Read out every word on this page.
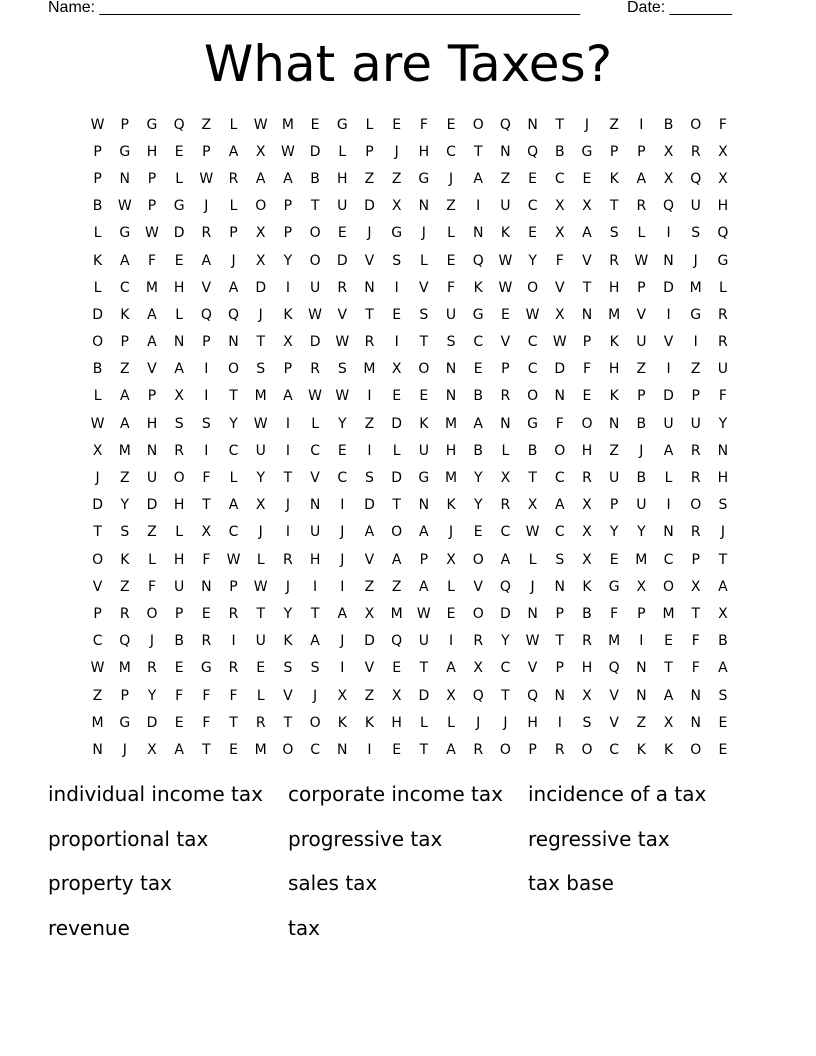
Name: ______________________________________________________	Date: _______
What are Taxes?
W	P	G	Q	Z	L	W	M	E	G	L	E	F	E	O	Q	N	T	J	Z	I	B	O	F
P	G	H	E	P	A	X	W	D	L	P	J	H	C	T	N	Q	B	G	P	P	X	R	X
P	N	P	L	W	R	A	A	B	H	Z	Z	G	J	A	Z	E	C	E	K	A	X	Q	X
B	W	P	G	J	L	O	P	T	U	D	X	N	Z	I	U	C	X	X	T	R	Q	U	H
L	G	W	D	R	P	X	P	O	E	J	G	J	L	N	K	E	X	A	S	L	I	S	Q
K	A	F	E	A	J	X	Y	O	D	V	S	L	E	Q	W	Y	F	V	R	W	N	J	G
L	C	M	H	V	A	D	I	U	R	N	I	V	F	K	W	O	V	T	H	P	D	M	L
D	K	A	L	Q	Q	J	K	W	V	T	E	S	U	G	E	W	X	N	M	V	I	G	R
O	P	A	N	P	N	T	X	D	W	R	I	T	S	C	V	C	W	P	K	U	V	I	R
B	Z	V	A	I	O	S	P	R	S	M	X	O	N	E	P	C	D	F	H	Z	I	Z	U
L	A	P	X	I	T	M	A	W W	I	E	E	N	B	R	O	N	E	K	P	D	P	F
W	A	H	S	S	Y	W	I	L	Y	Z	D	K	M	A	N	G	F	O	N	B	U	U	Y
X	M	N	R	I	C	U	I	C	E	I	L	U	H	B	L	B	O	H	Z	J	A	R	N
J	Z	U	O	F	L	Y	T	V	C	S	D	G	M	Y	X	T	C	R	U	B	L	R	H
D	Y	D	H	T	A	X	J	N	I	D	T	N	K	Y	R	X	A	X	P	U	I	O	S
T	S	Z	L	X	C	J	I	U	J	A	O	A	J	E	C	W	C	X	Y	Y	N	R	J
O	K	L	H	F	W	L	R	H	J	V	A	P	X	O	A	L	S	X	E	M	C	P	T
V	Z	F	U	N	P	W	J	I	I	Z	Z	A	L	V	Q	J	N	K	G	X	O	X	A
P	R	O	P	E	R	T	Y	T	A	X	M	W	E	O	D	N	P	B	F	P	M	T	X
C	Q	J	B	R	I	U	K	A	J	D	Q	U	I	R	Y	W	T	R	M	I	E	F	B
W	M	R	E	G	R	E	S	S	I	V	E	T	A	X	C	V	P	H	Q	N	T	F	A
Z	P	Y	F	F	F	L	V	J	X	Z	X	D	X	Q	T	Q	N	X	V	N	A	N	S
M	G	D	E	F	T	R	T	O	K	K	H	L	L	J	J	H	I	S	V	Z	X	N	E
N	J	X	A	T	E	M	O	C	N	I	E	T	A	R	O	P	R	O	C	K	K	O	E
individual income tax	corporate income tax	incidence of a tax
proportional tax	progressive tax	regressive tax
property tax	sales tax	tax base
revenue	tax
